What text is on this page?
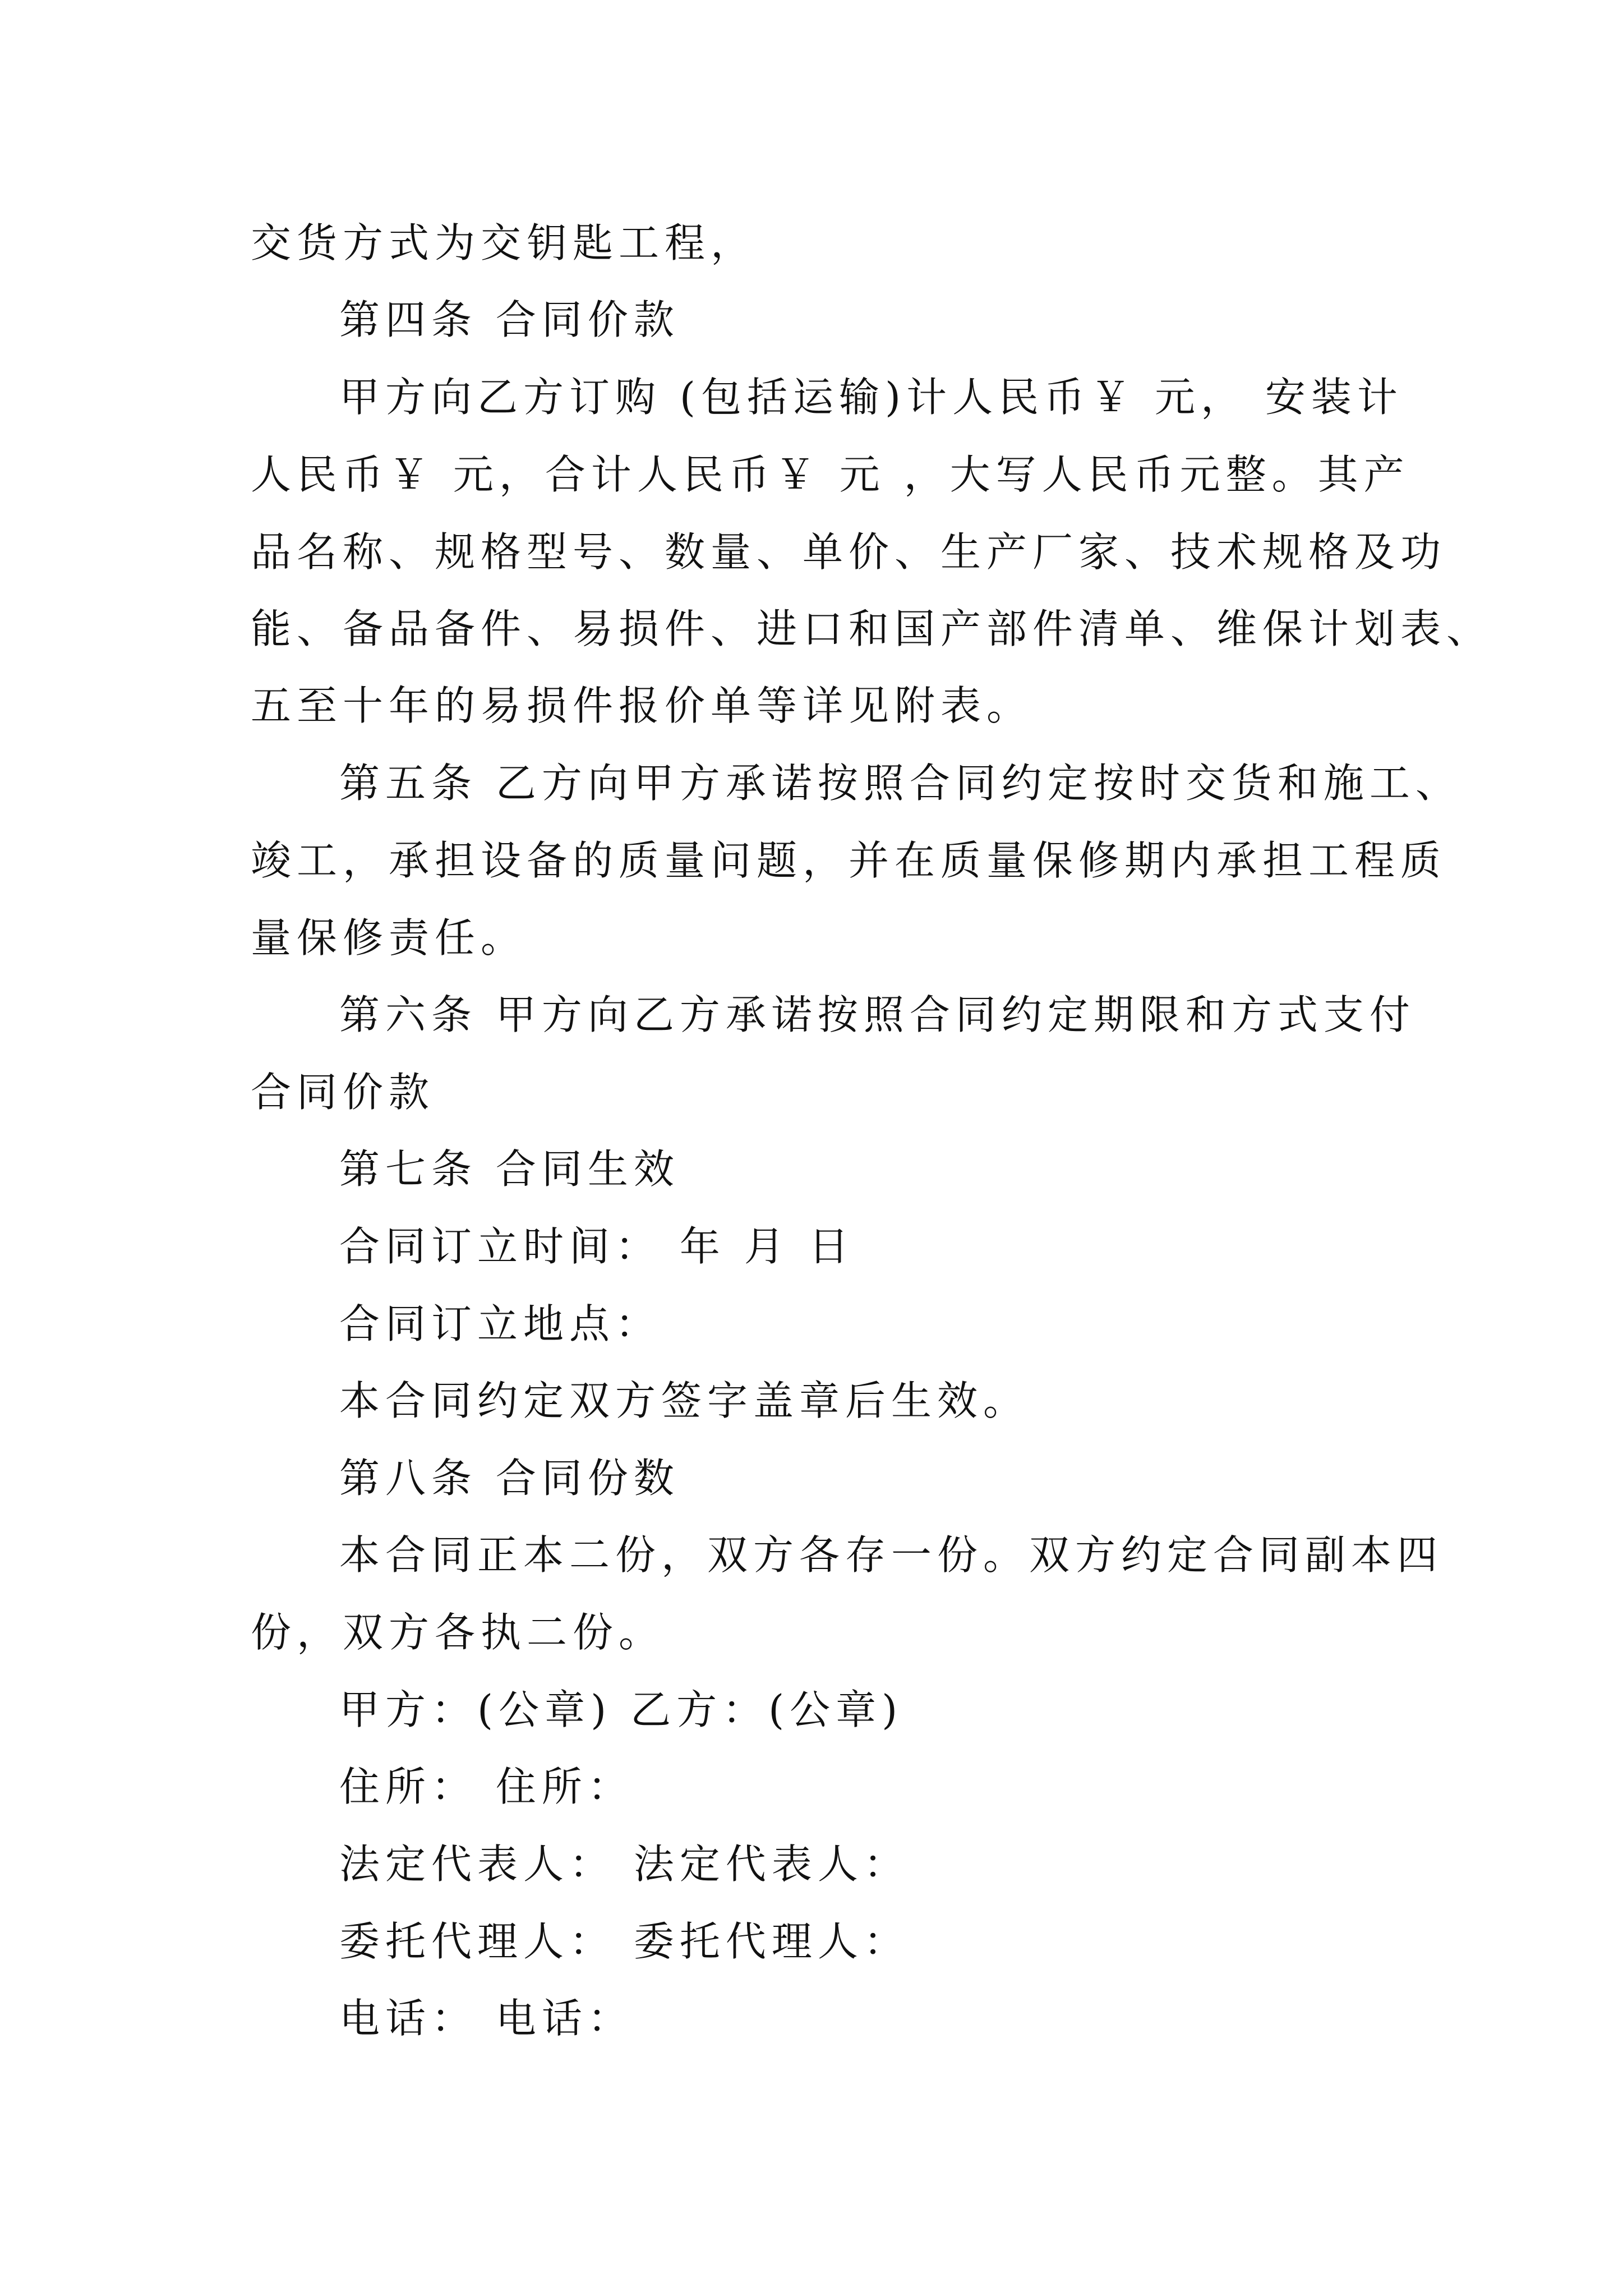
交货方式为交钥匙工程，
第四条 合同价款
甲方向乙方订购 (包括运输)计人民币￥ 元， 安装计
人民币￥ 元，合计人民币￥ 元 ，大写人民币元整。其产
品名称、规格型号、数量、单价、生产厂家、技术规格及功
能、备品备件、易损件、进口和国产部件清单、维保计划表、
五至十年的易损件报价单等详见附表。
第五条 乙方向甲方承诺按照合同约定按时交货和施工、
竣工，承担设备的质量问题，并在质量保修期内承担工程质
量保修责任。
第六条 甲方向乙方承诺按照合同约定期限和方式支付
合同价款
第七条 合同生效
合同订立时间： 年 月 日
合同订立地点：
本合同约定双方签字盖章后生效。
第八条 合同份数
本合同正本二份，双方各存一份。双方约定合同副本四
份，双方各执二份。
甲方：(公章) 乙方：(公章)
住所： 住所：
法定代表人： 法定代表人：
委托代理人： 委托代理人：
电话： 电话：
